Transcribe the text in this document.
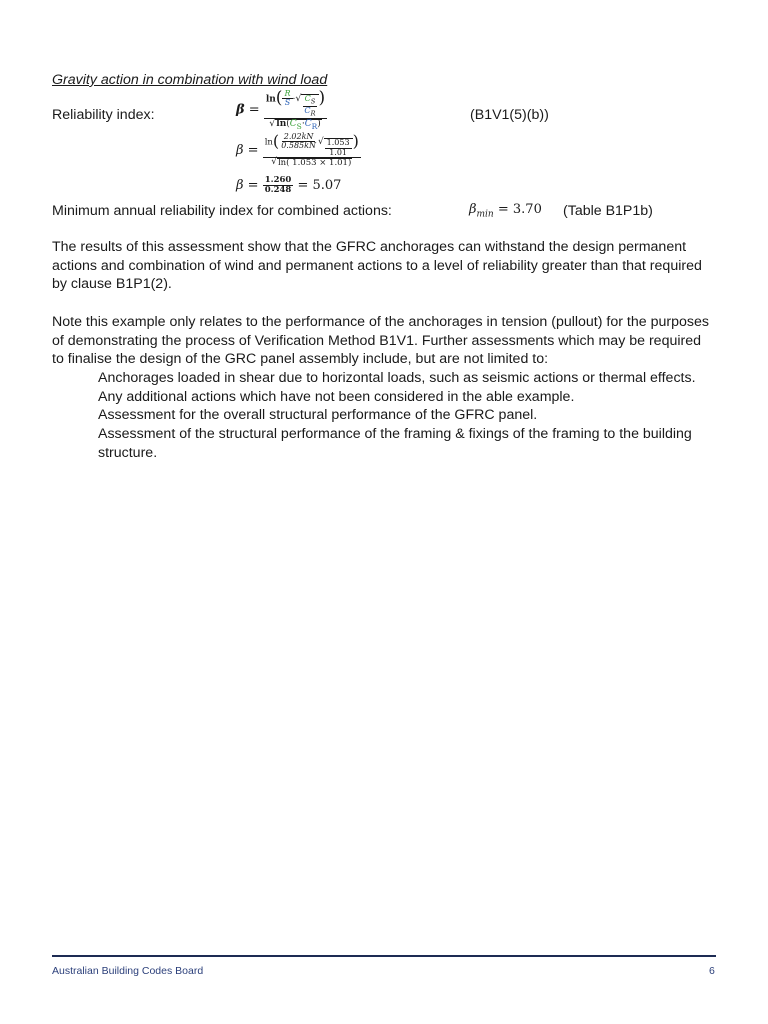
Gravity action in combination with wind load
Reliability index:	$\beta = \frac{\ln( \frac{R}{S} \cdot √ \frac{C_S}{C_R} )}{√ \ln(C_S\cdot C_R)}$	(B1V1(5)(b))
$\beta = \frac{\ln( \frac{2.02kN}{0.585kN} √ \frac{1.053}{1.01} )}{√ \ln( 1.053 \times 1.01)}$
$\beta = \frac{1.260}{0.248} = 5.07$
Minimum annual reliability index for combined actions:	$\beta_{min} = 3.70$ (Table B1P1b)
The results of this assessment show that the GFRC anchorages can withstand the design permanent actions and combination of wind and permanent actions to a level of reliability greater than that required by clause B1P1(2).
Note this example only relates to the performance of the anchorages in tension (pullout) for the purposes of demonstrating the process of Verification Method B1V1. Further assessments which may be required to finalise the design of the GRC panel assembly include, but are not limited to:
Anchorages loaded in shear due to horizontal loads, such as seismic actions or thermal effects.
Any additional actions which have not been considered in the able example.
Assessment for the overall structural performance of the GFRC panel.
Assessment of the structural performance of the framing & fixings of the framing to the building structure.
Australian Building Codes Board	6
